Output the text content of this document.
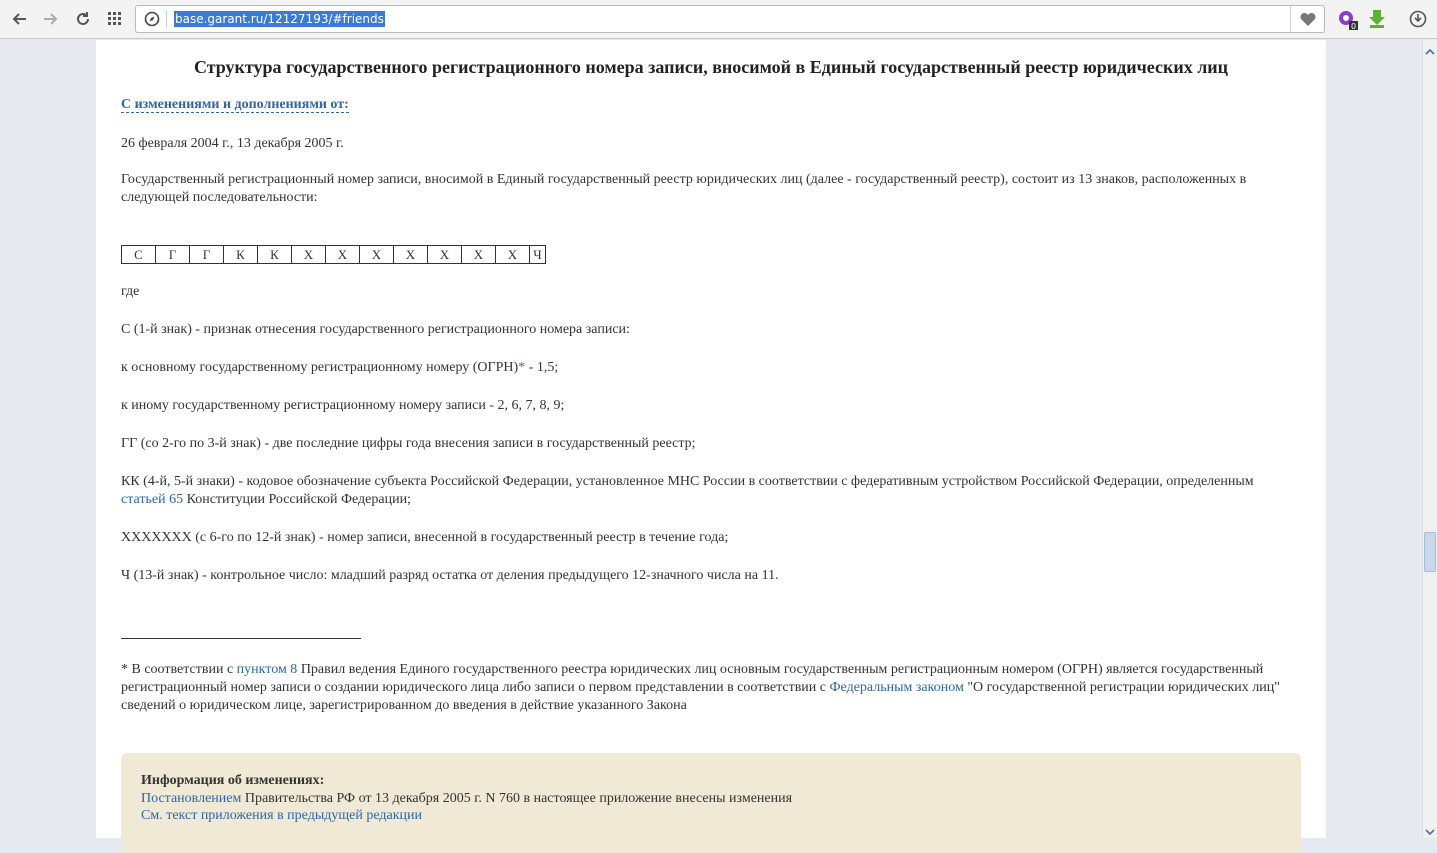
base.garant.ru/12127193/#friends
0
Структура государственного регистрационного номера записи, вносимой в Единый государственный реестр юридических лиц

С изменениями и дополнениями от:

26 февраля 2004 г., 13 декабря 2005 г.

Государственный регистрационный номер записи, вносимой в Единый государственный реестр юридических лиц (далее - государственный реестр), состоит из 13 знаков, расположенных в следующей последовательности:

С	Г	Г	К	К	Х	Х	Х	Х	Х	Х	Х	Ч

где

С (1-й знак) - признак отнесения государственного регистрационного номера записи:

к основному государственному регистрационному номеру (ОГРН)* - 1,5;

к иному государственному регистрационному номеру записи - 2, 6, 7, 8, 9;

ГГ (со 2-го по 3-й знак) - две последние цифры года внесения записи в государственный реестр;

КК (4-й, 5-й знаки) - кодовое обозначение субъекта Российской Федерации, установленное МНС России в соответствии с федеративным устройством Российской Федерации, определенным статьей 65 Конституции Российской Федерации;

ХХХХХХХ (с 6-го по 12-й знак) - номер записи, внесенной в государственный реестр в течение года;

Ч (13-й знак) - контрольное число: младший разряд остатка от деления предыдущего 12-значного числа на 11.

* В соответствии с пунктом 8 Правил ведения Единого государственного реестра юридических лиц основным государственным регистрационным номером (ОГРН) является государственный регистрационный номер записи о создании юридического лица либо записи о первом представлении в соответствии с Федеральным законом "О государственной регистрации юридических лиц" сведений о юридическом лице, зарегистрированном до введения в действие указанного Закона

Информация об изменениях:
Постановлением Правительства РФ от 13 декабря 2005 г. N 760 в настоящее приложение внесены изменения
См. текст приложения в предыдущей редакции
